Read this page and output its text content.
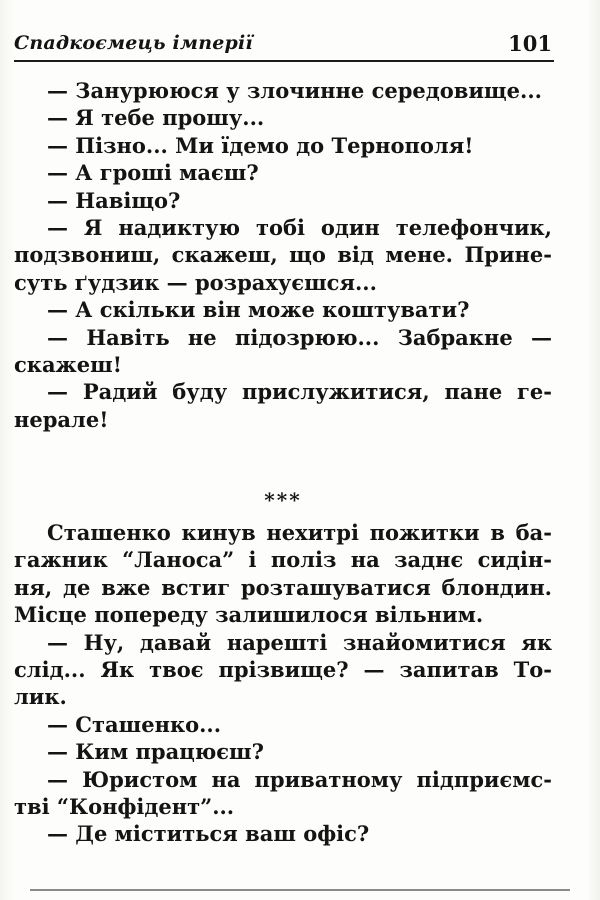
Спадкоємець імперії	101
— Занурююся у злочинне середовище...
— Я тебе прошу...
— Пізно... Ми їдемо до Тернополя!
— А гроші маєш?
— Навіщо?
— Я надиктую тобі один телефончик,
подзвониш, скажеш, що від мене. Прине-
суть ґудзик — розрахуєшся...
— А скільки він може коштувати?
— Навіть не підозрюю... Забракне —
скажеш!
— Радий буду прислужитися, пане ге-
нерале!
***
Сташенко кинув нехитрі пожитки в ба-
гажник “Ланоса” і поліз на заднє сидін-
ня, де вже встиг розташуватися блондин.
Місце попереду залишилося вільним.
— Ну, давай нарешті знайомитися як
слід... Як твоє прізвище? — запитав То-
лик.
— Сташенко...
— Ким працюєш?
— Юристом на приватному підприємс-
тві “Конфідент”...
— Де міститься ваш офіс?
